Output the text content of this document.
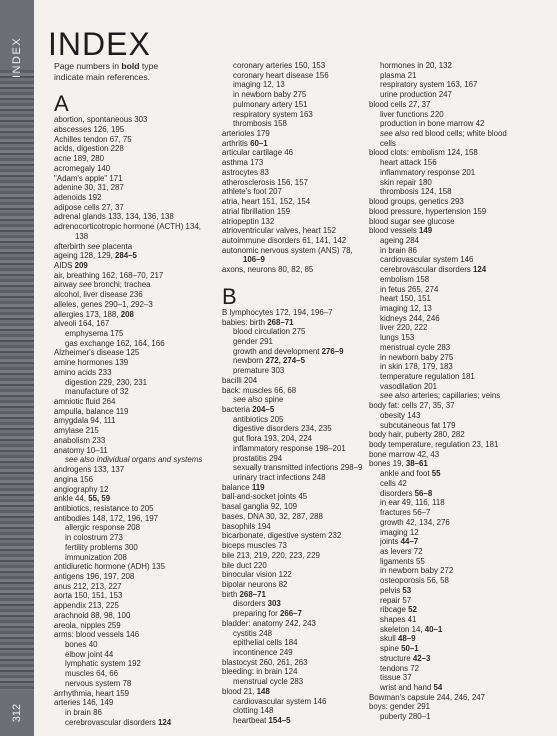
INDEX
312
INDEX
Page numbers in bold type
indicate main references.
A
abortion, spontaneous 303
abscesses 126, 195
Achilles tendon 67, 75
acids, digestion 228
acne 189, 280
acromegaly 140
"Adam's apple" 171
adenine 30, 31, 287
adenoids 192
adipose cells 27, 37
adrenal glands 133, 134, 136, 138
adrenocorticotropic hormone (ACTH) 134,
138
afterbirth see placenta
ageing 128, 129, 284–5
AIDS 209
air, breathing 162, 168–70, 217
airway see bronchi; trachea
alcohol, liver disease 236
alleles, genes 290–1, 292–3
allergies 173, 188, 208
alveoli 164, 167
emphysema 175
gas exchange 162, 164, 166
Alzheimer's disease 125
amine hormones 139
amino acids 233
digestion 229, 230, 231
manufacture of 32
amniotic fluid 264
ampulla, balance 119
amygdala 94, 111
amylase 215
anabolism 233
anatomy 10–11
see also individual organs and systems
androgens 133, 137
angina 156
angiography 12
ankle 44, 55, 59
antibiotics, resistance to 205
antibodies 148, 172, 196, 197
allergic response 208
in colostrum 273
fertility problems 300
immunization 208
antidiuretic hormone (ADH) 135
antigens 196, 197, 208
anus 212, 213, 227
aorta 150, 151, 153
appendix 213, 225
arachnoid 88, 98, 100
areola, nipples 259
arms: blood vessels 146
bones 40
elbow joint 44
lymphatic system 192
muscles 64, 66
nervous system 78
arrhythmia, heart 159
arteries 146, 149
in brain 86
cerebrovascular disorders 124
coronary arteries 150, 153
coronary heart disease 156
imaging 12, 13
in newborn baby 275
pulmonary artery 151
respiratory system 163
thrombosis 158
arterioles 179
arthritis 60–1
articular cartilage 46
asthma 173
astrocytes 83
atherosclerosis 156, 157
athlete's foot 207
atria, heart 151, 152, 154
atrial fibrillation 159
atriopeptin 132
atrioventricular valves, heart 152
autoimmune disorders 61, 141, 142
autonomic nervous system (ANS) 78,
106–9
axons, neurons 80, 82, 85
B
B lymphocytes 172, 194, 196–7
babies: birth 268–71
blood circulation 275
gender 291
growth and development 276–9
newborn 272, 274–5
premature 303
bacilli 204
back: muscles 66, 68
see also spine
bacteria 204–5
antibiotics 205
digestive disorders 234, 235
gut flora 193, 204, 224
inflammatory response 198–201
prostatitis 294
sexually transmitted infections 298–9
urinary tract infections 248
balance 119
ball-and-socket joints 45
basal ganglia 92, 109
bases, DNA 30, 32, 287, 288
basophils 194
bicarbonate, digestive system 232
biceps muscles 73
bile 213, 219, 220, 223, 229
bile duct 220
binocular vision 122
bipolar neurons 82
birth 268–71
disorders 303
preparing for 266–7
bladder: anatomy 242, 243
cystitis 248
epithelial cells 184
incontinence 249
blastocyst 260, 261, 263
bleeding: in brain 124
menstrual cycle 283
blood 21, 148
cardiovascular system 146
clotting 148
heartbeat 154–5
hormones in 20, 132
plasma 21
respiratory system 163, 167
urine production 247
blood cells 27, 37
liver functions 220
production in bone marrow 42
see also red blood cells; white blood
cells
blood clots: embolism 124, 158
heart attack 156
inflammatory response 201
skin repair 180
thrombosis 124, 158
blood groups, genetics 293
blood pressure, hypertension 159
blood sugar see glucose
blood vessels 149
ageing 284
in brain 86
cardiovascular system 146
cerebrovascular disorders 124
embolism 158
in fetus 265, 274
heart 150, 151
imaging 12, 13
kidneys 244, 246
liver 220, 222
lungs 153
menstrual cycle 283
in newborn baby 275
in skin 178, 179, 183
temperature regulation 181
vasodilation 201
see also arteries; capillaries; veins
body fat: cells 27, 35, 37
obesity 143
subcutaneous fat 179
body hair, puberty 280, 282
body temperature, regulation 23, 181
bone marrow 42, 43
bones 19, 38–61
ankle and foot 55
cells 42
disorders 56–8
in ear 49, 116, 118
fractures 56–7
growth 42, 134, 276
imaging 12
joints 44–7
as levers 72
ligaments 55
in newborn baby 272
osteoporosis 56, 58
pelvis 53
repair 57
ribcage 52
shapes 41
skeleton 14, 40–1
skull 48–9
spine 50–1
structure 42–3
tendons 72
tissue 37
wrist and hand 54
Bowman's capsule 244, 246, 247
boys: gender 291
puberty 280–1
